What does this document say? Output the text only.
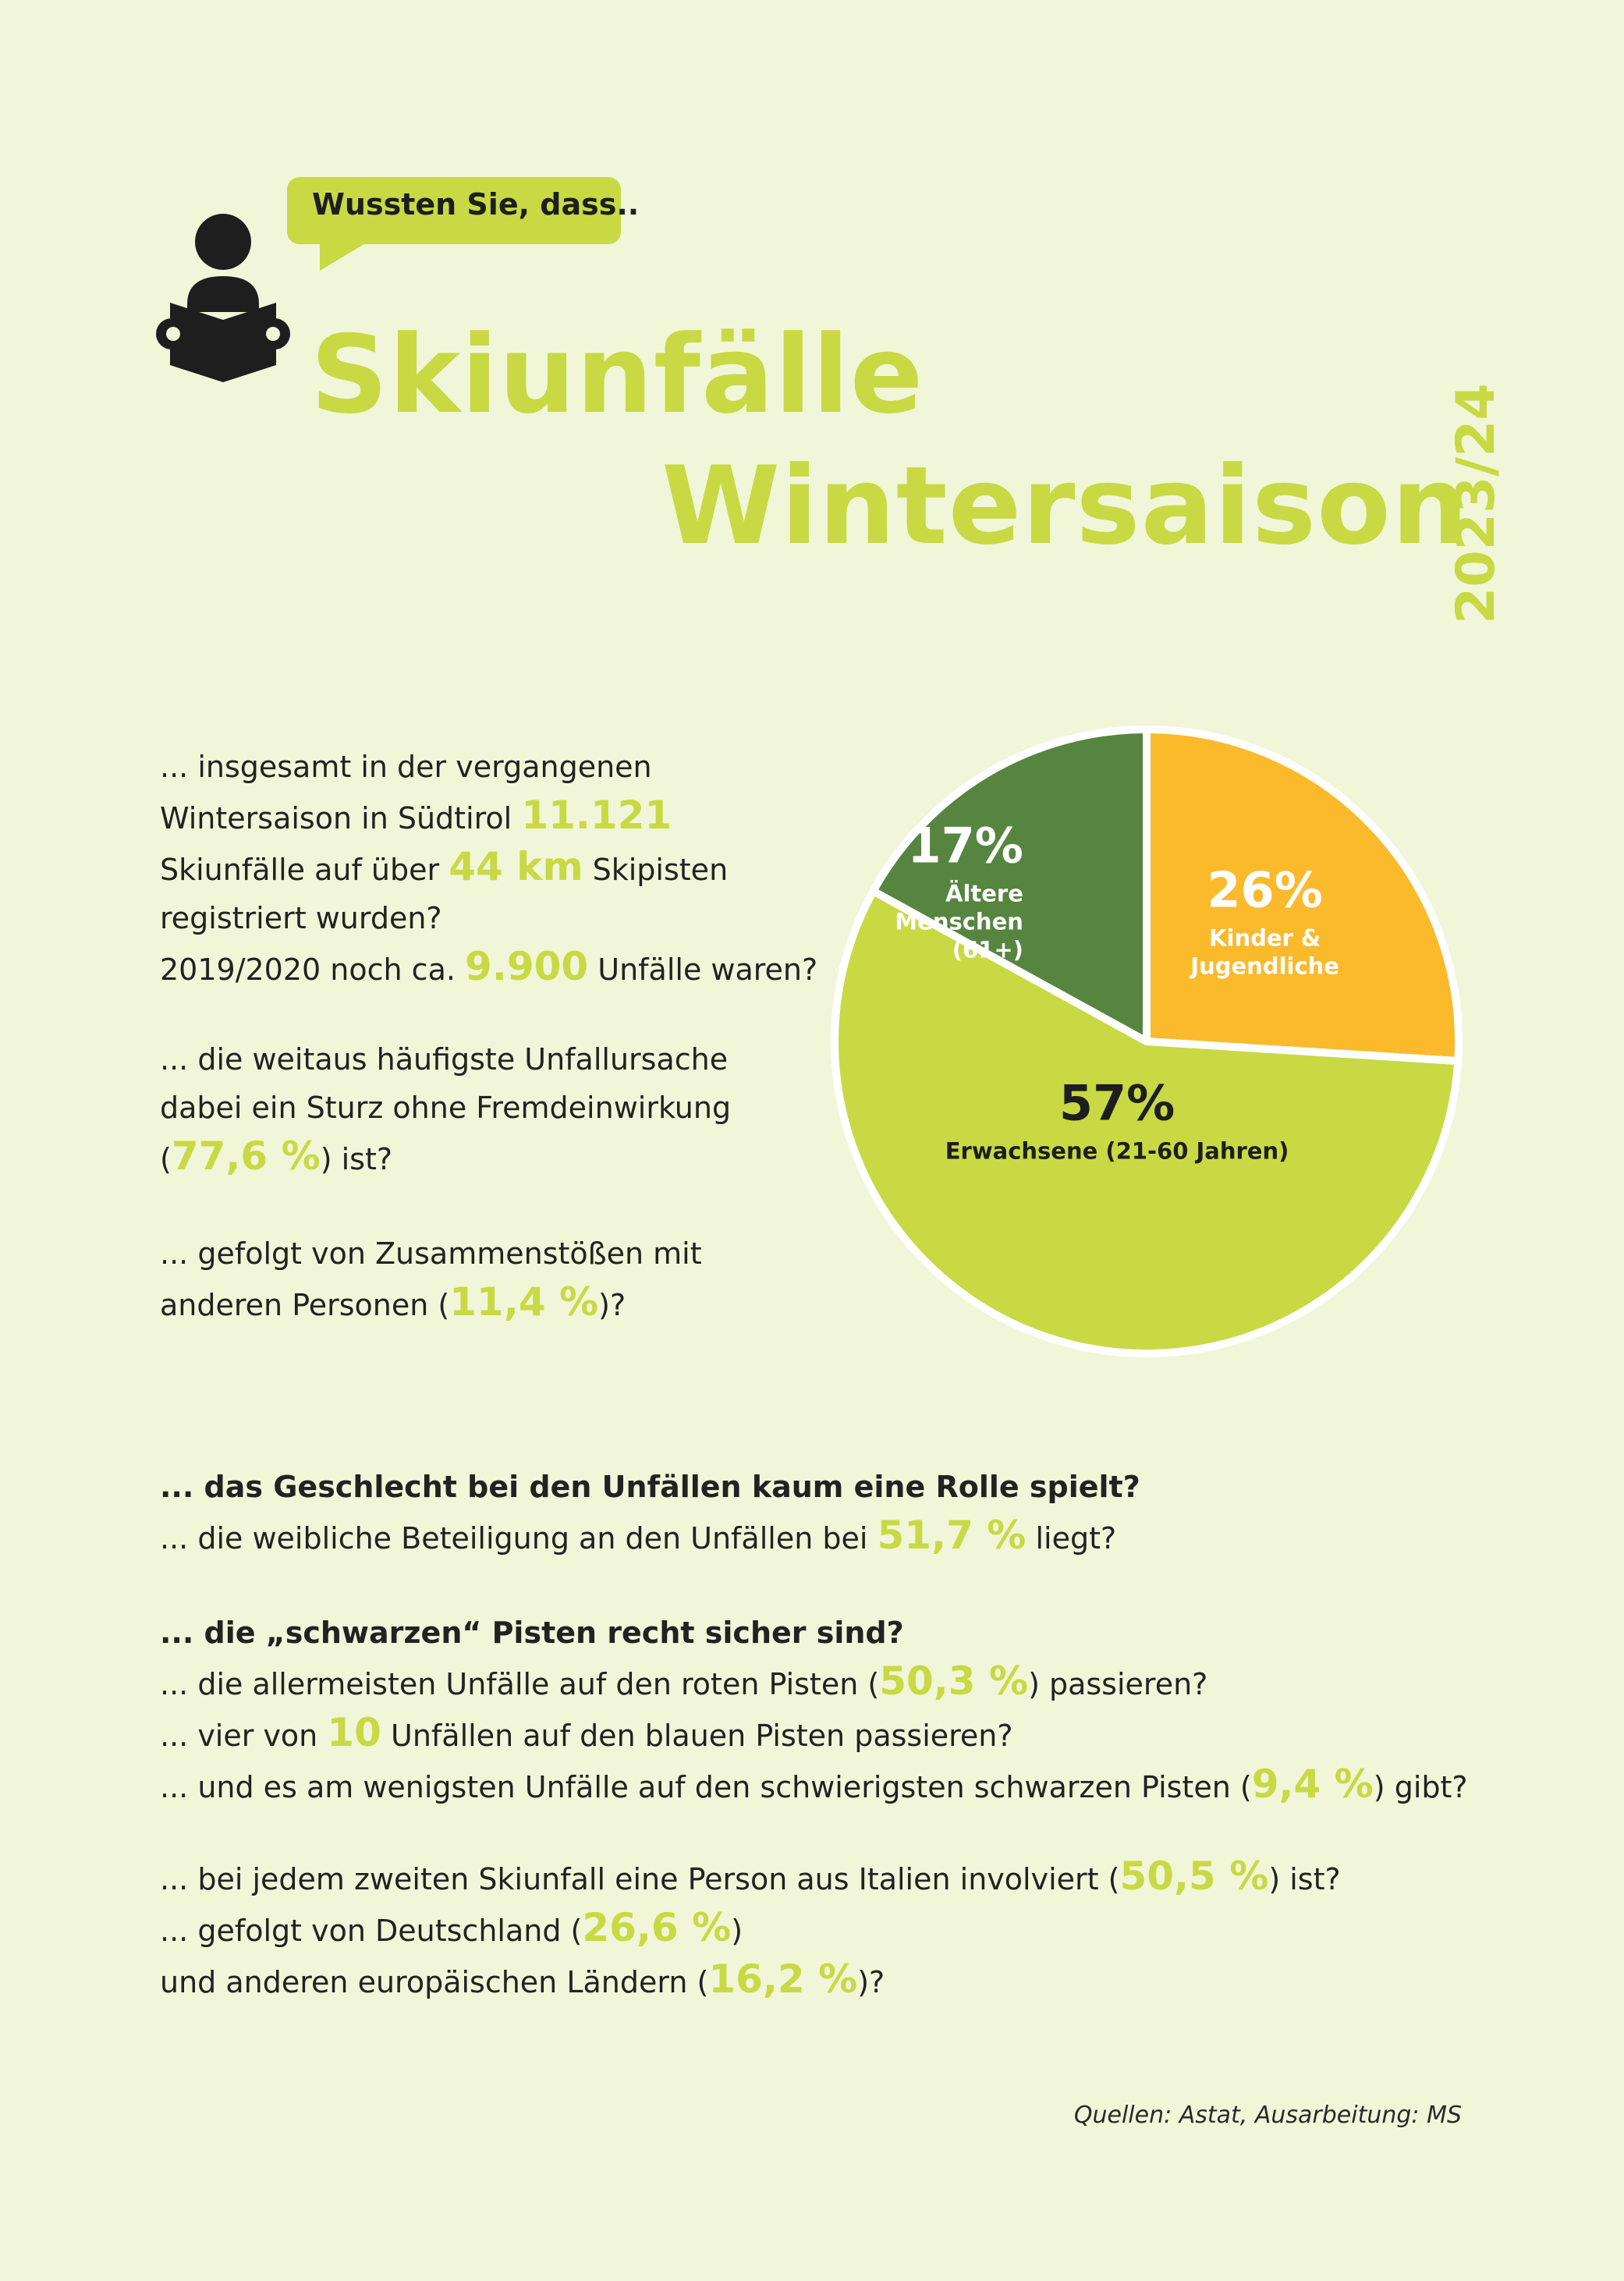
Wussten Sie, dass..
Skiunfälle
Wintersaison
2023/24
... insgesamt in der vergangenen
Wintersaison in Südtirol 11.121
Skiunfälle auf über 44 km Skipisten
registriert wurden?
2019/2020 noch ca. 9.900 Unfälle waren?
... die weitaus häufigste Unfallursache
dabei ein Sturz ohne Fremdeinwirkung
(77,6 %) ist?
... gefolgt von Zusammenstößen mit
anderen Personen (11,4 %)?
26%
Kinder &
Jugendliche
57%
Erwachsene (21-60 Jahren)
17%
Ältere
Menschen
(61+)
... das Geschlecht bei den Unfällen kaum eine Rolle spielt?
... die weibliche Beteiligung an den Unfällen bei 51,7 % liegt?
... die „schwarzen“ Pisten recht sicher sind?
... die allermeisten Unfälle auf den roten Pisten (50,3 %) passieren?
... vier von 10 Unfällen auf den blauen Pisten passieren?
... und es am wenigsten Unfälle auf den schwierigsten schwarzen Pisten (9,4 %) gibt?
... bei jedem zweiten Skiunfall eine Person aus Italien involviert (50,5 %) ist?
... gefolgt von Deutschland (26,6 %)
und anderen europäischen Ländern (16,2 %)?
Quellen: Astat, Ausarbeitung: MS
